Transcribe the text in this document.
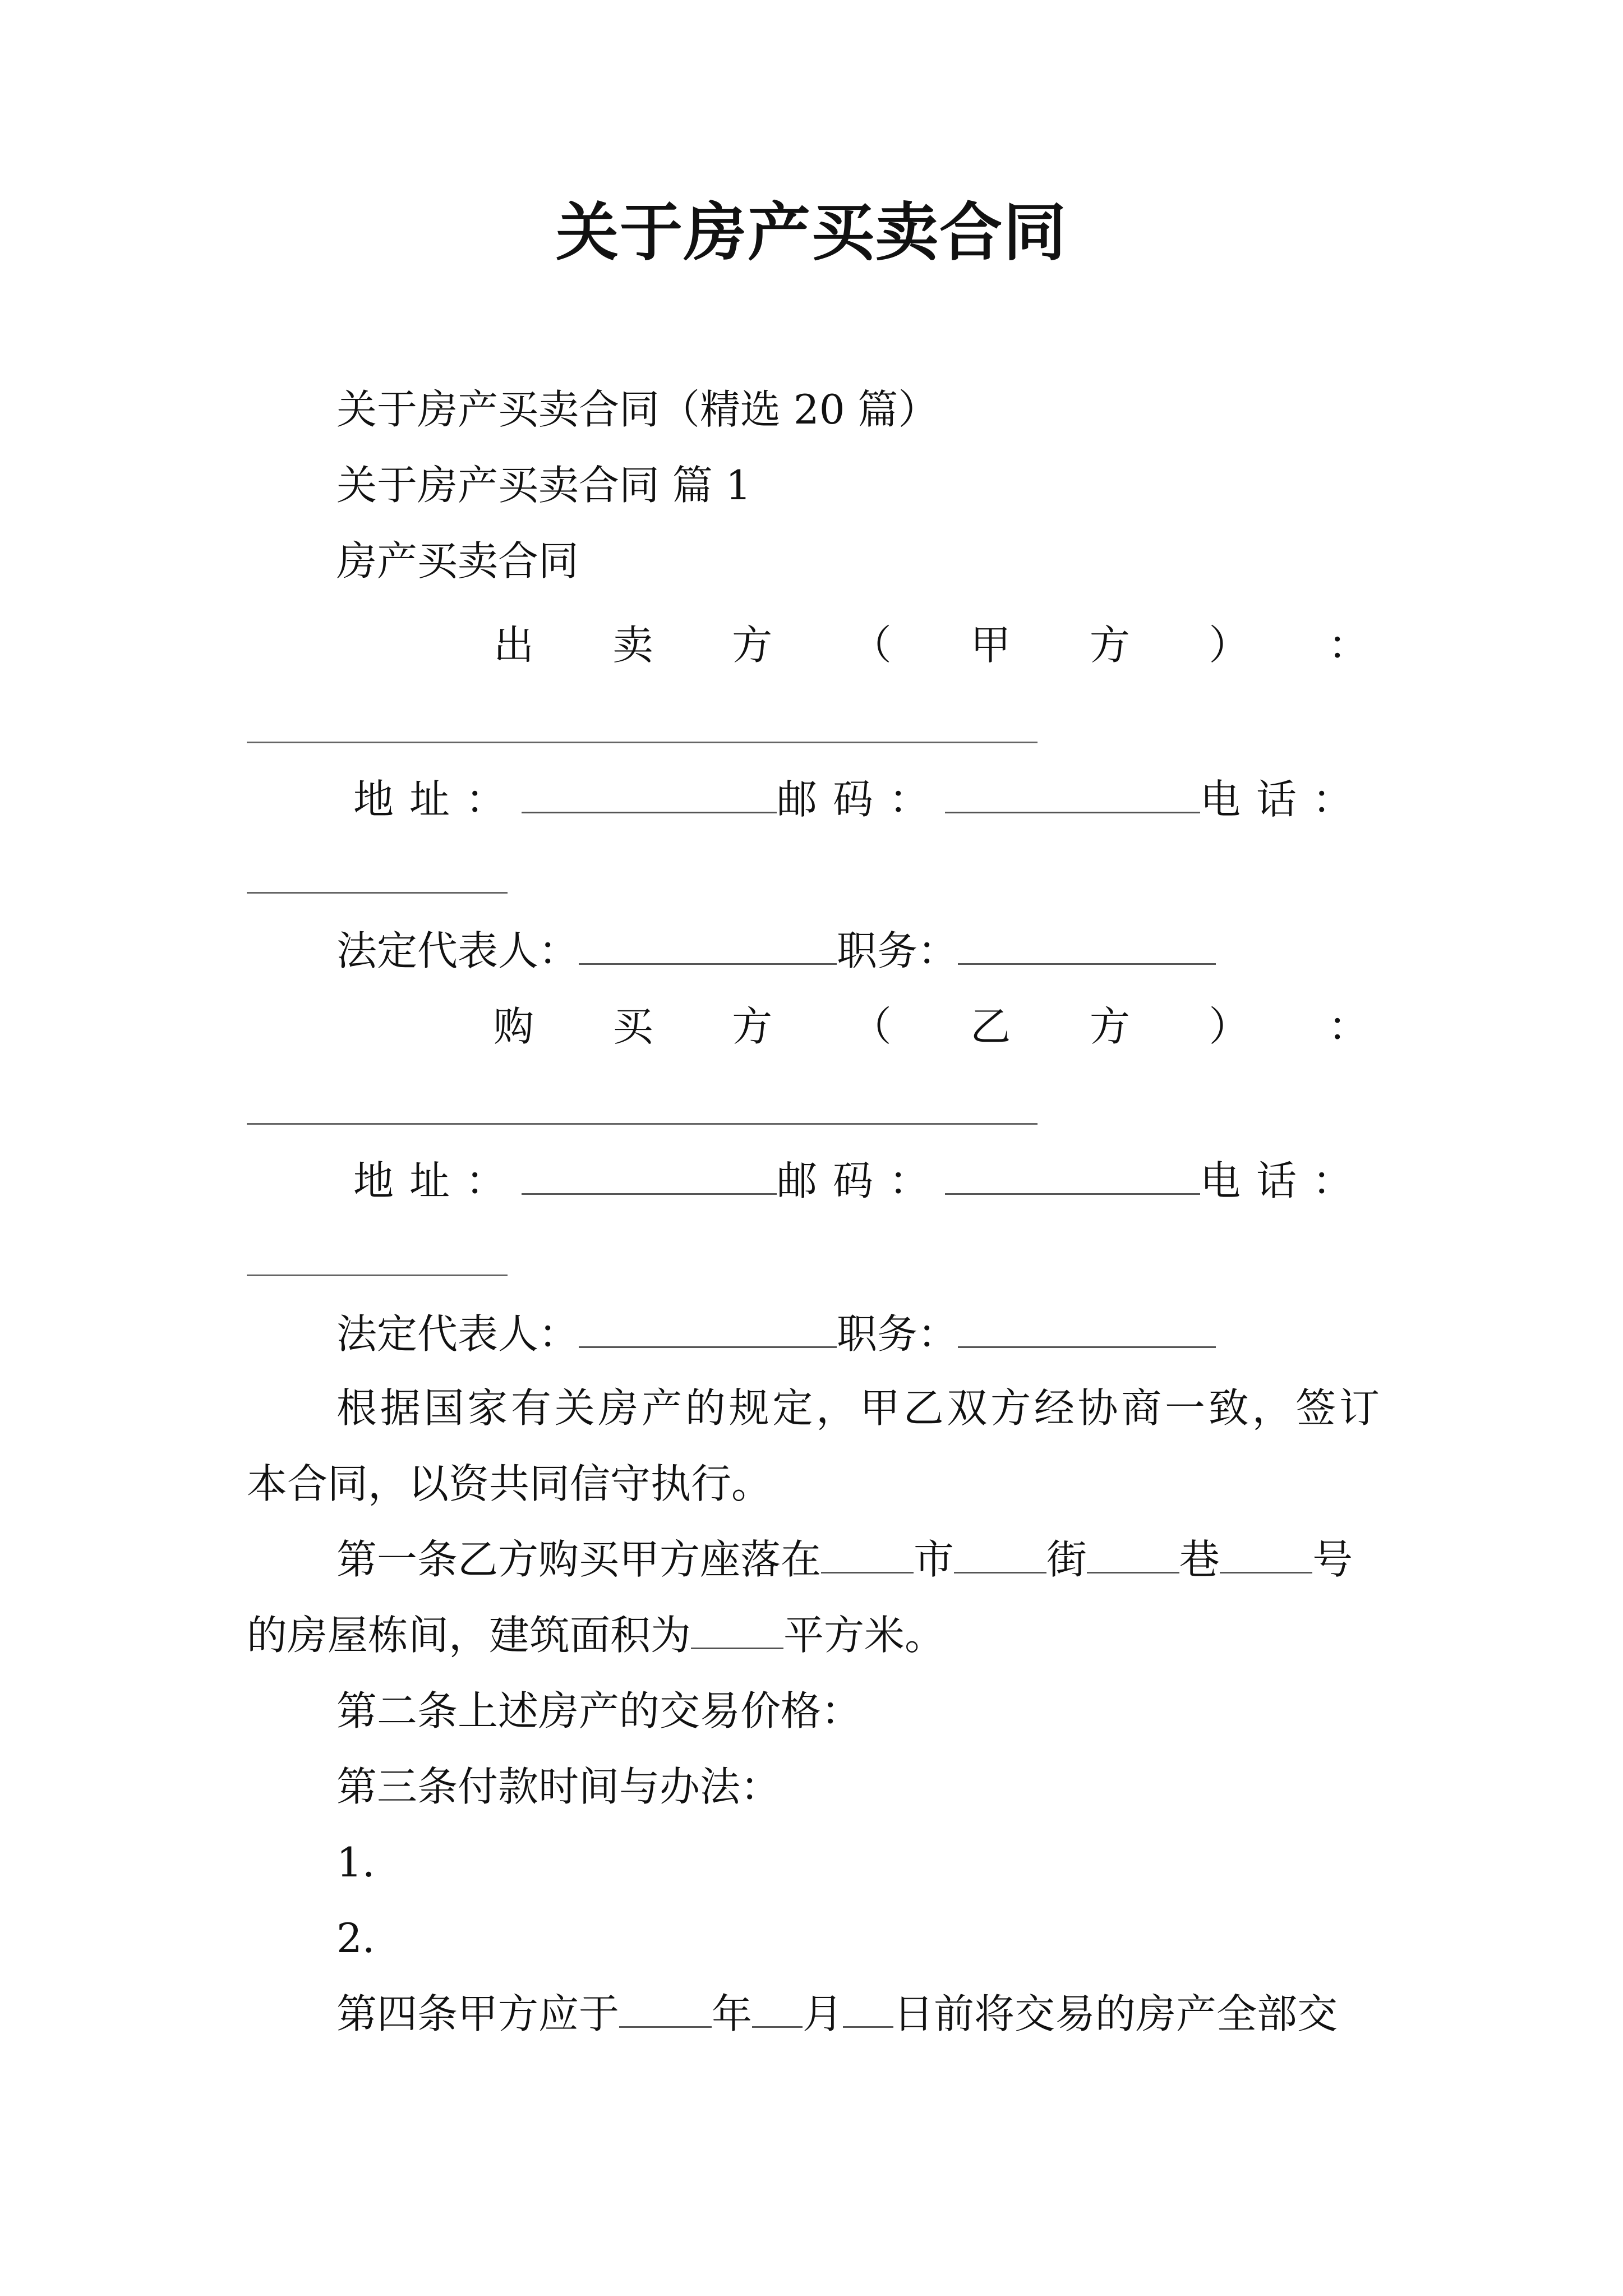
关于房产买卖合同
关于房产买卖合同（精选 20 篇）
关于房产买卖合同 篇 1
房产买卖合同
出 卖 方 （ 甲 方 ） ：
地址：	邮码：	电话：
法定代表人：	职务：
购 买 方 （ 乙 方 ） ：
地址：	邮码：	电话：
法定代表人：	职务：
根据国家有关房产的规定，甲乙双方经协商一致，签订
本合同，以资共同信守执行。
第一条乙方购买甲方座落在 市 街 巷 号
的房屋栋间，建筑面积为 平方米。
第二条上述房产的交易价格：
第三条付款时间与办法：
1.
2.
第四条甲方应于 年 月 日前将交易的房产全部交
